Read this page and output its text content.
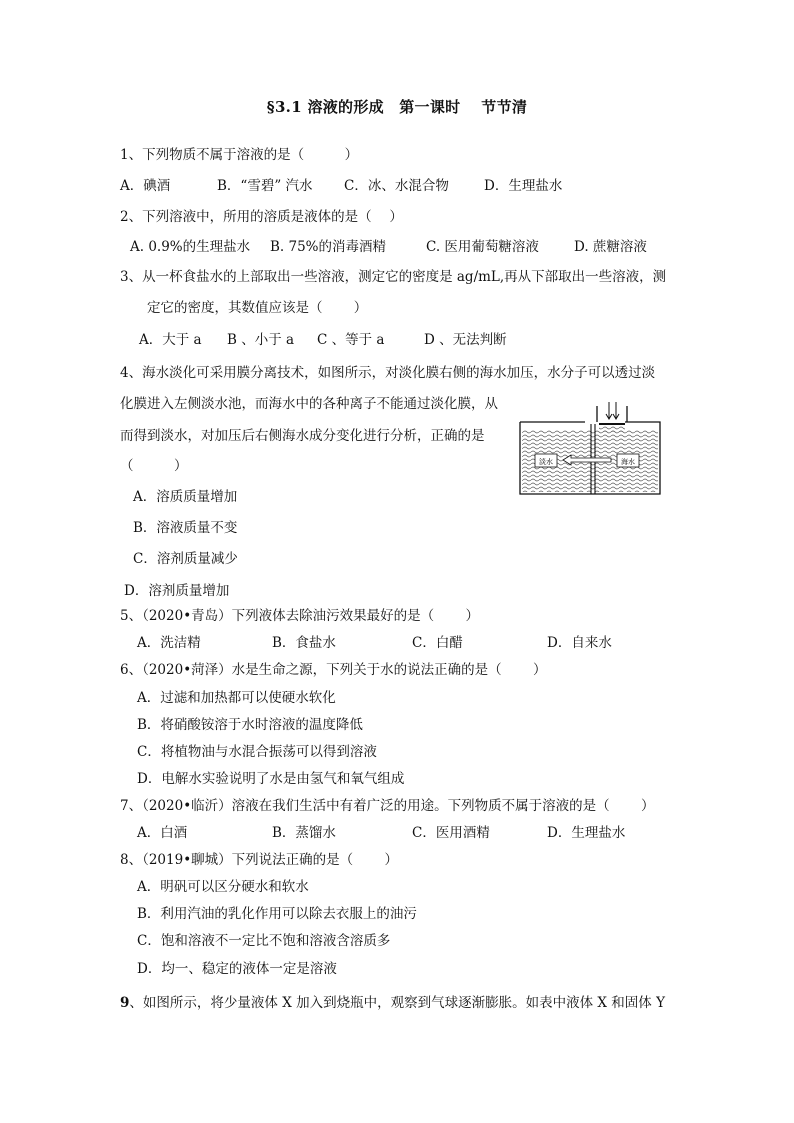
§3.1 溶液的形成　第一课时　 节节清
1、下列物质不属于溶液的是（　　　）
A．碘酒	B．“雪碧” 汽水	C．冰、水混合物	D．生理盐水
2、下列溶液中，所用的溶质是液体的是（　 ）
A. 0.9%的生理盐水	B. 75%的消毒酒精	C. 医用葡萄糖溶液	D. 蔗糖溶液
3、从一杯食盐水的上部取出一些溶液，测定它的密度是 ag/mL,再从下部取出一些溶液，测
定它的密度，其数值应该是（　　 ）
A．大于 a	B 、小于 a	C 、等于 a	D 、无法判断
4、海水淡化可采用膜分离技术，如图所示，对淡化膜右侧的海水加压，水分子可以透过淡
化膜进入左侧淡水池，而海水中的各种离子不能通过淡化膜，从
而得到淡水，对加压后右侧海水成分变化进行分析，正确的是
（　　　）
A．溶质质量增加
B．溶液质量不变
C．溶剂质量减少
D．溶剂质量增加
淡水	海水
5、（2020•青岛）下列液体去除油污效果最好的是（　　 ）
A．洗洁精	B．食盐水	C．白醋	D．自来水
6、（2020•菏泽）水是生命之源，下列关于水的说法正确的是（　　 ）
A．过滤和加热都可以使硬水软化
B．将硝酸铵溶于水时溶液的温度降低
C．将植物油与水混合振荡可以得到溶液
D．电解水实验说明了水是由氢气和氧气组成
7、（2020•临沂）溶液在我们生活中有着广泛的用途。下列物质不属于溶液的是（　　 ）
A．白酒	B．蒸馏水	C．医用酒精	D．生理盐水
8、（2019•聊城）下列说法正确的是（　　 ）
A．明矾可以区分硬水和软水
B．利用汽油的乳化作用可以除去衣服上的油污
C．饱和溶液不一定比不饱和溶液含溶质多
D．均一、稳定的液体一定是溶液
9、如图所示，将少量液体 X 加入到烧瓶中，观察到气球逐渐膨胀。如表中液体 X 和固体 Y
